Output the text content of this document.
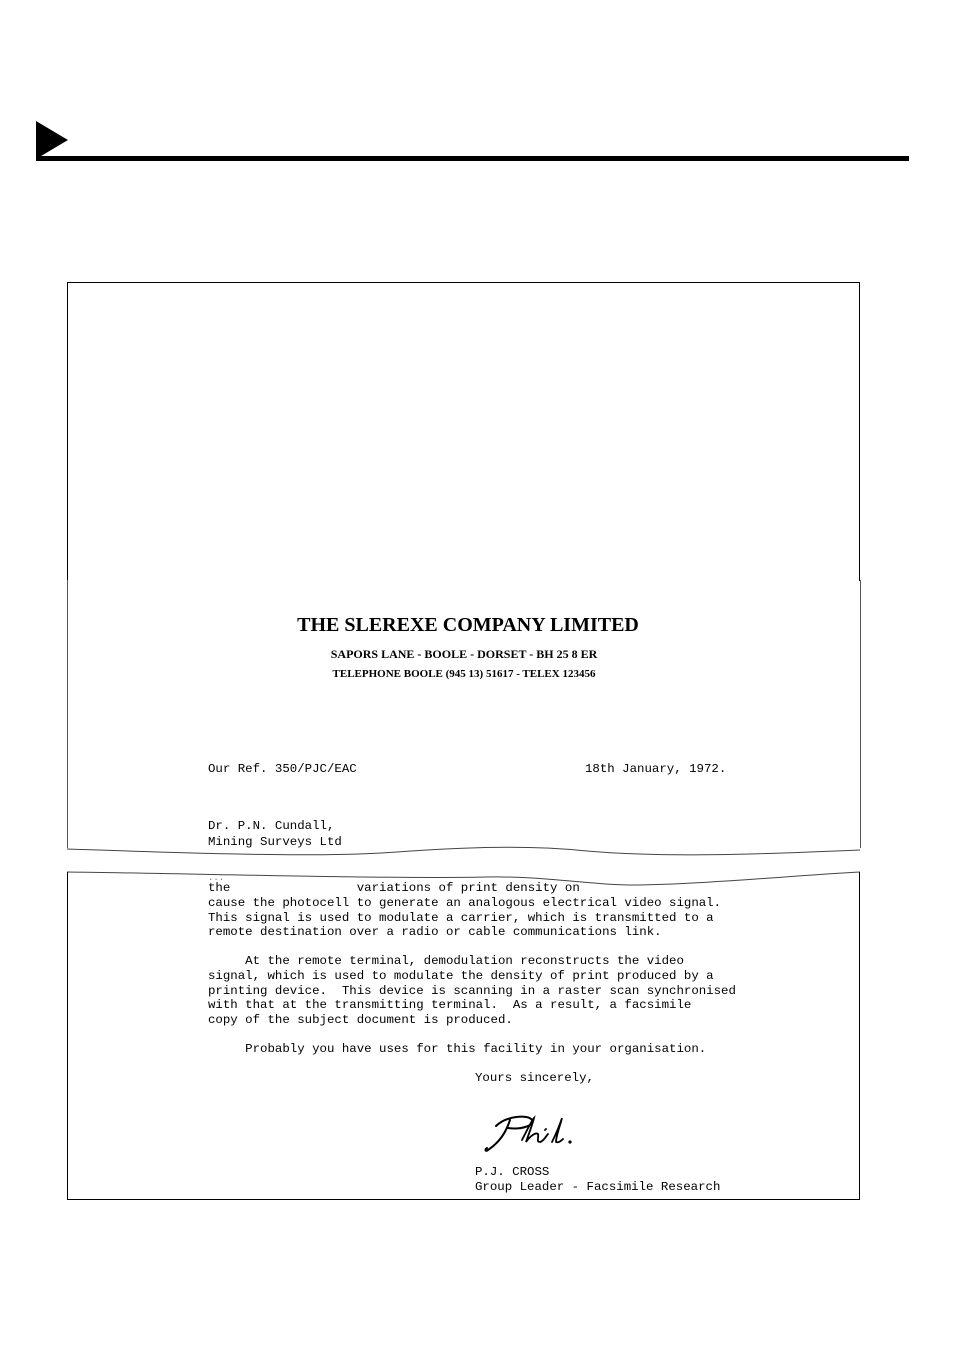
THE SLEREXE COMPANY LIMITED
SAPORS LANE - BOOLE - DORSET - BH 25 8 ER
TELEPHONE BOOLE (945 13) 51617 - TELEX 123456
Our Ref. 350/PJC/EAC	18th January, 1972.
Dr. P.N. Cundall,
Mining Surveys Ltd
...
the                 variations of print density on
cause the photocell to generate an analogous electrical video signal.
This signal is used to modulate a carrier, which is transmitted to a
remote destination over a radio or cable communications link.
At the remote terminal, demodulation reconstructs the video
signal, which is used to modulate the density of print produced by a
printing device.  This device is scanning in a raster scan synchronised
with that at the transmitting terminal.  As a result, a facsimile
copy of the subject document is produced.
Probably you have uses for this facility in your organisation.
Yours sincerely,
P.J. CROSS
Group Leader - Facsimile Research
